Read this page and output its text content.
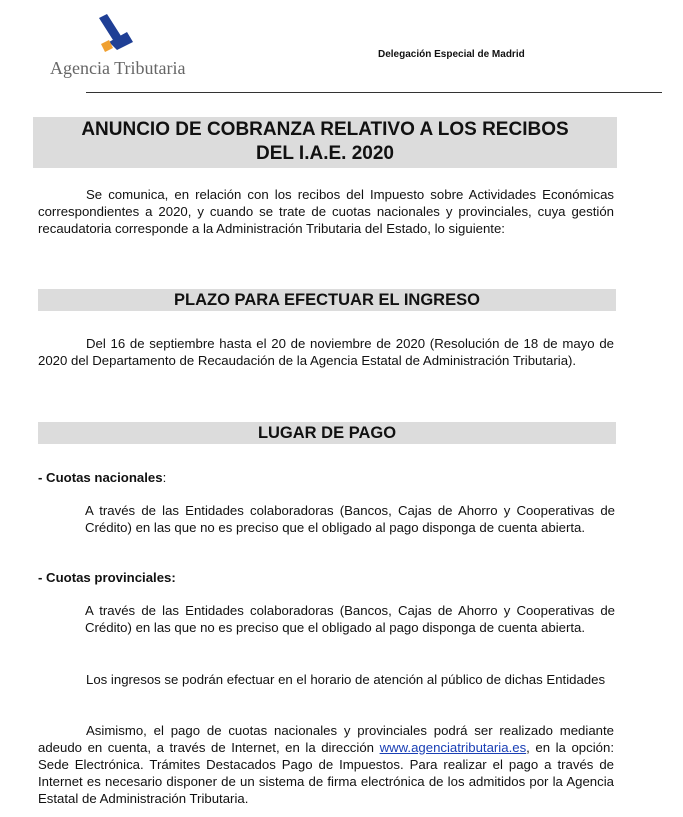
Agencia Tributaria
Delegación Especial de Madrid
ANUNCIO DE COBRANZA RELATIVO A LOS RECIBOS
DEL I.A.E. 2020
Se comunica, en relación con los recibos del Impuesto sobre Actividades Económicas correspondientes a 2020, y cuando se trate de cuotas nacionales y provinciales, cuya gestión recaudatoria corresponde a la Administración Tributaria del Estado, lo siguiente:
PLAZO PARA EFECTUAR EL INGRESO
Del 16 de septiembre hasta el 20 de noviembre de 2020 (Resolución de 18 de mayo de 2020 del Departamento de Recaudación de la Agencia Estatal de Administración Tributaria).
LUGAR DE PAGO
- Cuotas nacionales:
A través de las Entidades colaboradoras (Bancos, Cajas de Ahorro y Cooperativas de Crédito) en las que no es preciso que el obligado al pago disponga de cuenta abierta.
- Cuotas provinciales:
A través de las Entidades colaboradoras (Bancos, Cajas de Ahorro y Cooperativas de Crédito) en las que no es preciso que el obligado al pago disponga de cuenta abierta.
Los ingresos se podrán efectuar en el horario de atención al público de dichas Entidades
Asimismo, el pago de cuotas nacionales y provinciales podrá ser realizado mediante adeudo en cuenta, a través de Internet, en la dirección www.agenciatributaria.es, en la opción: Sede Electrónica. Trámites Destacados Pago de Impuestos. Para realizar el pago a través de Internet es necesario disponer de un sistema de firma electrónica de los admitidos por la Agencia Estatal de Administración Tributaria.
